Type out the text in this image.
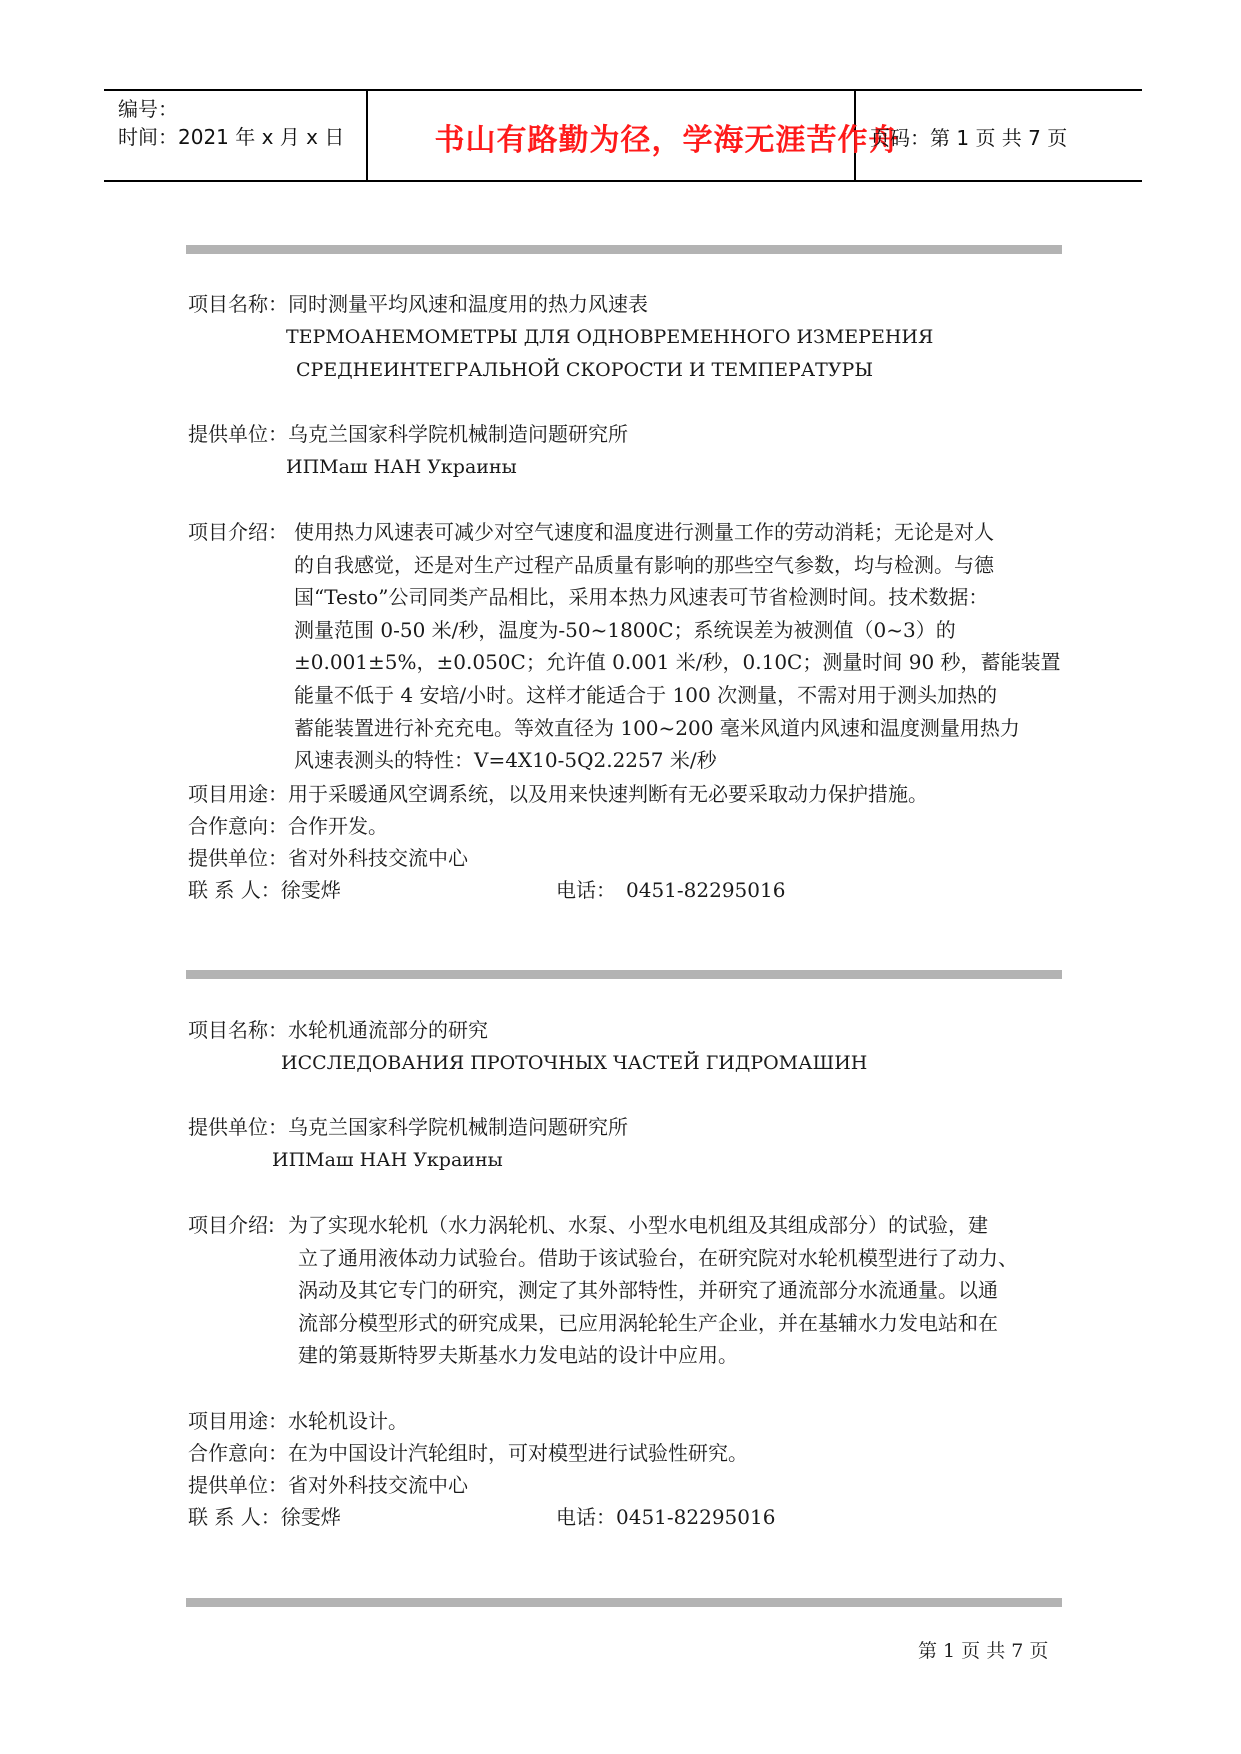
编号：
时间：2021 年 x 月 x 日	书山有路勤为径，学海无涯苦作舟
页码：第 1 页 共 7 页
项目名称：同时测量平均风速和温度用的热力风速表
ТЕРМОАНЕМОМЕТРЫ ДЛЯ ОДНОВРЕМЕННОГО ИЗМЕРЕНИЯ
СРЕДНЕИНТЕГРАЛЬНОЙ СКОРОСТИ И ТЕМПЕРАТУРЫ
提供单位：乌克兰国家科学院机械制造问题研究所
ИПМаш НАН Украины
项目介绍： 使用热力风速表可减少对空气速度和温度进行测量工作的劳动消耗；无论是对人
的自我感觉，还是对生产过程产品质量有影响的那些空气参数，均与检测。与德
国“Testo”公司同类产品相比，采用本热力风速表可节省检测时间。技术数据：
测量范围 0-50 米/秒，温度为-50~1800C；系统误差为被测值（0~3）的
±0.001±5%，±0.050C；允许值 0.001 米/秒，0.10C；测量时间 90 秒，蓄能装置
能量不低于 4 安培/小时。这样才能适合于 100 次测量，不需对用于测头加热的
蓄能装置进行补充充电。等效直径为 100~200 毫米风道内风速和温度测量用热力
风速表测头的特性：V=4X10-5Q2.2257 米/秒
项目用途：用于采暖通风空调系统，以及用来快速判断有无必要采取动力保护措施。
合作意向：合作开发。
提供单位：省对外科技交流中心
联 系 人：徐雯烨	电话： 0451-82295016
项目名称：水轮机通流部分的研究
ИССЛЕДОВАНИЯ ПРОТОЧНЫХ ЧАСТЕЙ ГИДРОМАШИН
提供单位：乌克兰国家科学院机械制造问题研究所
ИПМаш НАН Украины
项目介绍: 为了实现水轮机（水力涡轮机、水泵、小型水电机组及其组成部分）的试验，建
立了通用液体动力试验台。借助于该试验台，在研究院对水轮机模型进行了动力、
涡动及其它专门的研究，测定了其外部特性，并研究了通流部分水流通量。以通
流部分模型形式的研究成果，已应用涡轮轮生产企业，并在基辅水力发电站和在
建的第聂斯特罗夫斯基水力发电站的设计中应用。
项目用途：水轮机设计。
合作意向：在为中国设计汽轮组时，可对模型进行试验性研究。
提供单位：省对外科技交流中心
联 系 人：徐雯烨	电话：0451-82295016
第 1 页 共 7 页
